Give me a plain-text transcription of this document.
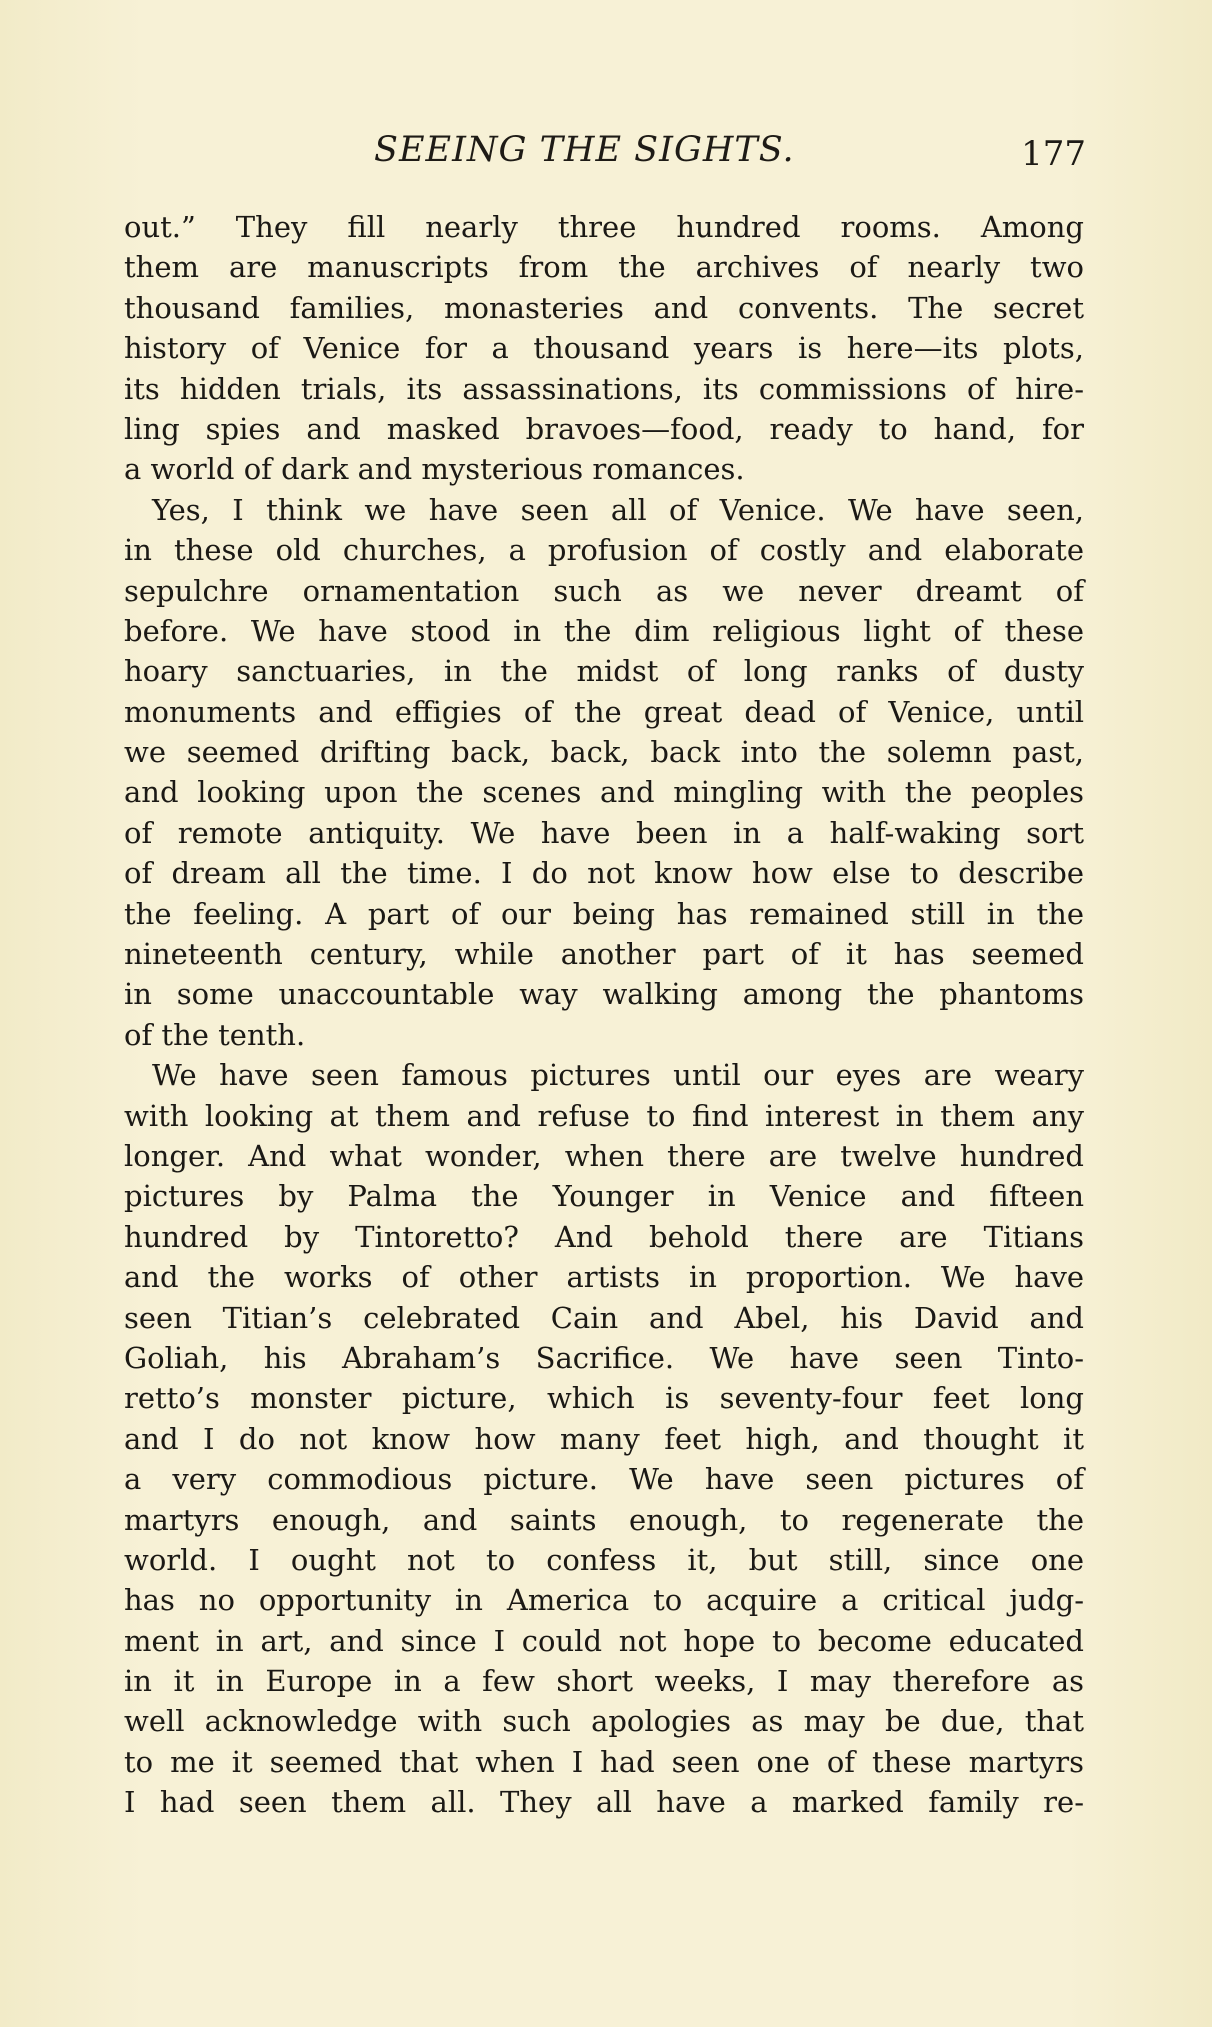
SEEING THE SIGHTS.	177
out.” They fill nearly three hundred rooms. Among
them are manuscripts from the archives of nearly two
thousand families, monasteries and convents. The secret
history of Venice for a thousand years is here—its plots,
its hidden trials, its assassinations, its commissions of hire-
ling spies and masked bravoes—food, ready to hand, for
a world of dark and mysterious romances.
Yes, I think we have seen all of Venice. We have seen,
in these old churches, a profusion of costly and elaborate
sepulchre ornamentation such as we never dreamt of
before. We have stood in the dim religious light of these
hoary sanctuaries, in the midst of long ranks of dusty
monuments and effigies of the great dead of Venice, until
we seemed drifting back, back, back into the solemn past,
and looking upon the scenes and mingling with the peoples
of remote antiquity. We have been in a half-waking sort
of dream all the time. I do not know how else to describe
the feeling. A part of our being has remained still in the
nineteenth century, while another part of it has seemed
in some unaccountable way walking among the phantoms
of the tenth.
We have seen famous pictures until our eyes are weary
with looking at them and refuse to find interest in them any
longer. And what wonder, when there are twelve hundred
pictures by Palma the Younger in Venice and fifteen
hundred by Tintoretto? And behold there are Titians
and the works of other artists in proportion. We have
seen Titian’s celebrated Cain and Abel, his David and
Goliah, his Abraham’s Sacrifice. We have seen Tinto-
retto’s monster picture, which is seventy-four feet long
and I do not know how many feet high, and thought it
a very commodious picture. We have seen pictures of
martyrs enough, and saints enough, to regenerate the
world. I ought not to confess it, but still, since one
has no opportunity in America to acquire a critical judg-
ment in art, and since I could not hope to become educated
in it in Europe in a few short weeks, I may therefore as
well acknowledge with such apologies as may be due, that
to me it seemed that when I had seen one of these martyrs
I had seen them all. They all have a marked family re-
